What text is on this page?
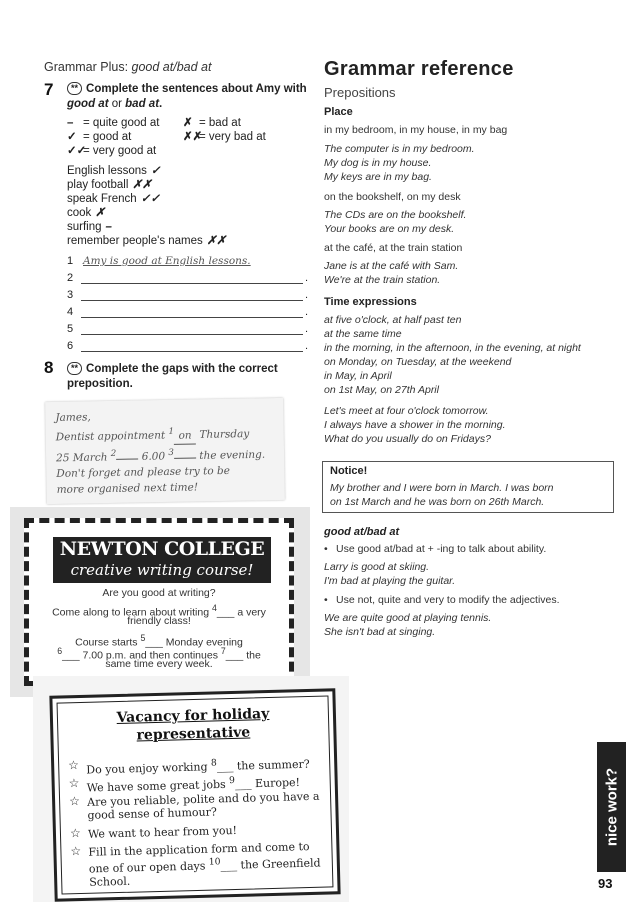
Grammar Plus: good at/bad at
7	** Complete the sentences about Amy with
good at or bad at.
– = quite good at
✓ = good at
✓✓= very good at
✗ = bad at
✗✗= very bad at
English lessons ✓
play football ✗✗
speak French ✓✓
cook ✗
surfing –
remember people's names ✗✗
1 Amy is good at English lessons.
2	.
3	.
4	.
5	.
6	.
8	** Complete the gaps with the correct
preposition.
James,
Dentist appointment $^1$ on Thursday
25 March $^2$ 6.00 $^3$ the evening.
Don't forget and please try to be
more organised next time!
NEWTON COLLEGE
creative writing course!
Are you good at writing?
Come along to learn about writing $^4$___ a very
friendly class!
Course starts $^5$___ Monday evening
$^6$___ 7.00 p.m. and then continues $^7$___ the
same time every week.
Vacancy for holiday
representative
☆ Do you enjoy working $^8$___ the summer?
☆ We have some great jobs $^9$___ Europe!
☆ Are you reliable, polite and do you have a good sense of humour?
☆ We want to hear from you!
☆ Fill in the application form and come to one of our open days $^{10}$___ the Greenfield School.
Grammar reference
Prepositions
Place
in my bedroom, in my house, in my bag
The computer is in my bedroom.
My dog is in my house.
My keys are in my bag.
on the bookshelf, on my desk
The CDs are on the bookshelf.
Your books are on my desk.
at the café, at the train station
Jane is at the café with Sam.
We're at the train station.
Time expressions
at five o'clock, at half past ten
at the same time
in the morning, in the afternoon, in the evening, at night
on Monday, on Tuesday, at the weekend
in May, in April
on 1st May, on 27th April
Let's meet at four o'clock tomorrow.
I always have a shower in the morning.
What do you usually do on Fridays?
Notice!
My brother and I were born in March. I was born
on 1st March and he was born on 26th March.
good at/bad at
• Use good at/bad at + -ing to talk about ability.
Larry is good at skiing.
I'm bad at playing the guitar.
• Use not, quite and very to modify the adjectives.
We are quite good at playing tennis.
She isn't bad at singing.
nice work?
93
